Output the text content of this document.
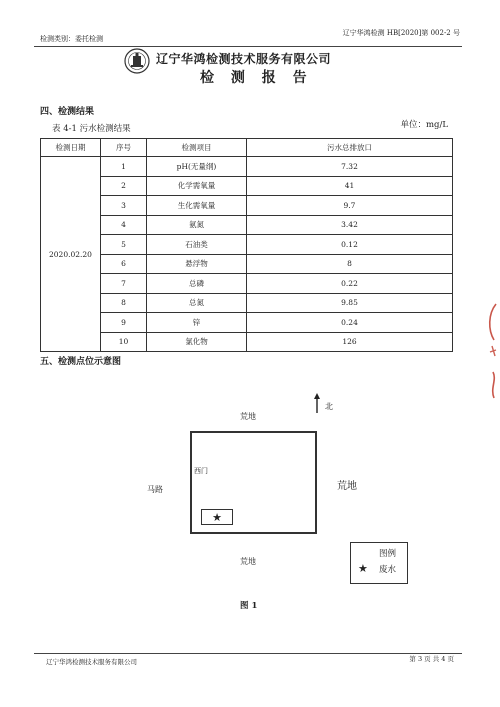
检测类别：委托检测
辽宁华鸿检测 HB[2020]第 002-2 号
辽宁华鸿检测技术服务有限公司
检 测 报 告
四、检测结果
表 4-1 污水检测结果	单位：mg/L
检测日期	序号	检测项目	污水总排放口
2020.02.20	1	pH(无量纲)	7.32
	2	化学需氧量	41
	3	生化需氧量	9.7
	4	氨氮	3.42
	5	石油类	0.12
	6	悬浮物	8
	7	总磷	0.22
	8	总氮	9.85
	9	锌	0.24
	10	氯化物	126
五、检测点位示意图
北
荒地
马路	荒地
荒地
西门
★
图例
★ 废水
图 1
辽宁华鸿检测技术服务有限公司	第 3 页 共 4 页
